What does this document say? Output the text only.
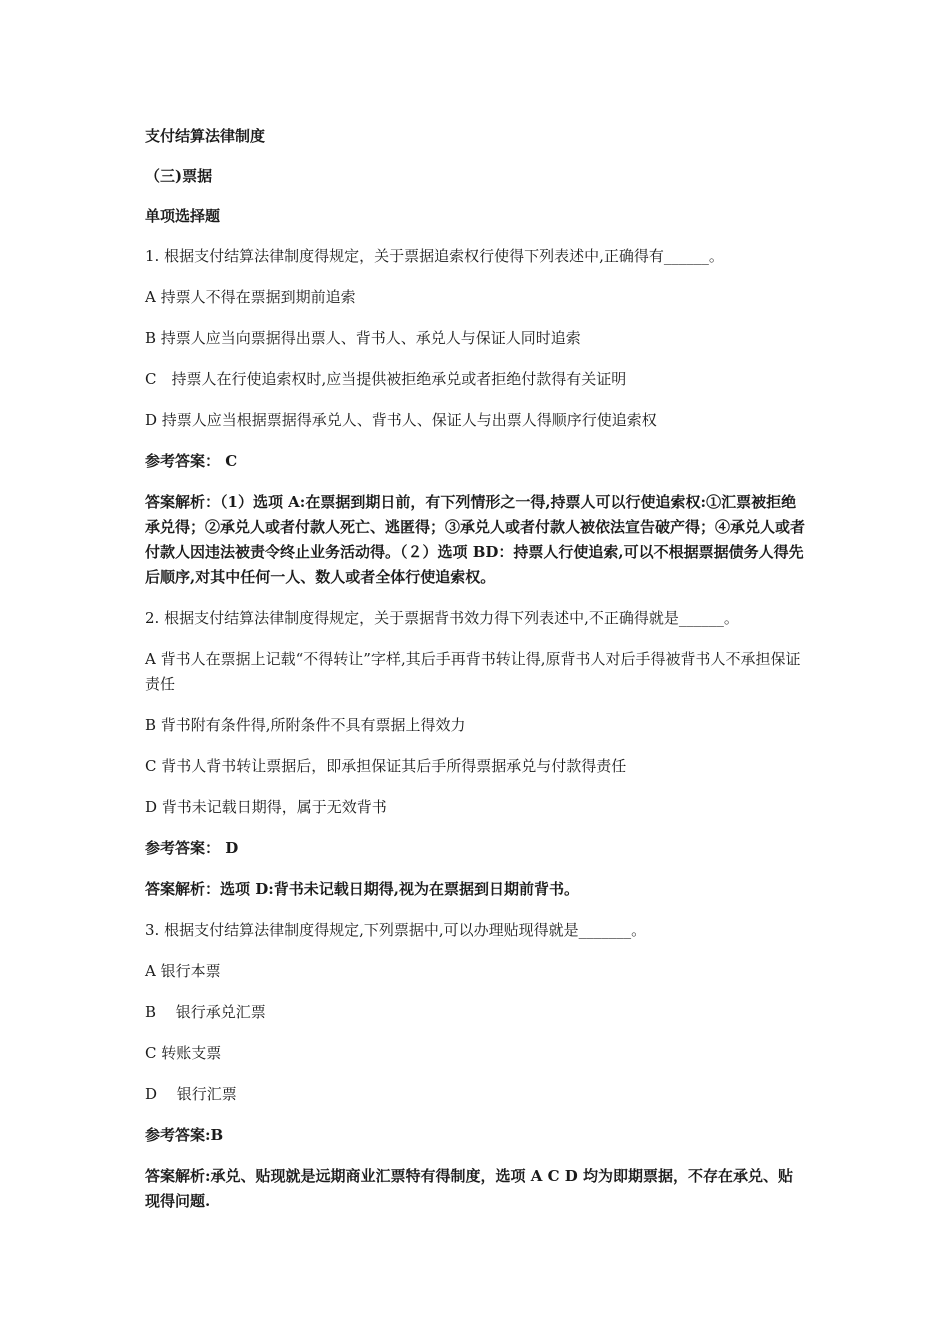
支付结算法律制度

（三)票据

单项选择题

1. 根据支付结算法律制度得规定，关于票据追索权行使得下列表述中,正确得有______。

A 持票人不得在票据到期前追索

B 持票人应当向票据得出票人、背书人、承兑人与保证人同时追索

C　持票人在行使追索权时,应当提供被拒绝承兑或者拒绝付款得有关证明

D 持票人应当根据票据得承兑人、背书人、保证人与出票人得顺序行使追索权

参考答案： C

答案解析：（1）选项 A:在票据到期日前，有下列情形之一得,持票人可以行使追索权:①汇票被拒绝承兑得；②承兑人或者付款人死亡、逃匿得；③承兑人或者付款人被依法宣告破产得；④承兑人或者付款人因违法被责令终止业务活动得。（２）选项 BD：持票人行使追索,可以不根据票据债务人得先后顺序,对其中任何一人、数人或者全体行使追索权。

2. 根据支付结算法律制度得规定，关于票据背书效力得下列表述中,不正确得就是______。

A 背书人在票据上记载“不得转让”字样,其后手再背书转让得,原背书人对后手得被背书人不承担保证责任

B 背书附有条件得,所附条件不具有票据上得效力

C 背书人背书转让票据后，即承担保证其后手所得票据承兑与付款得责任

D 背书未记载日期得，属于无效背书

参考答案： D

答案解析：选项 D:背书未记载日期得,视为在票据到日期前背书。

3. 根据支付结算法律制度得规定,下列票据中,可以办理贴现得就是_______。

A 银行本票

B　 银行承兑汇票

C 转账支票

D　 银行汇票

参考答案:B

答案解析:承兑、贴现就是远期商业汇票特有得制度，选项 A C D 均为即期票据，不存在承兑、贴现得问题.
